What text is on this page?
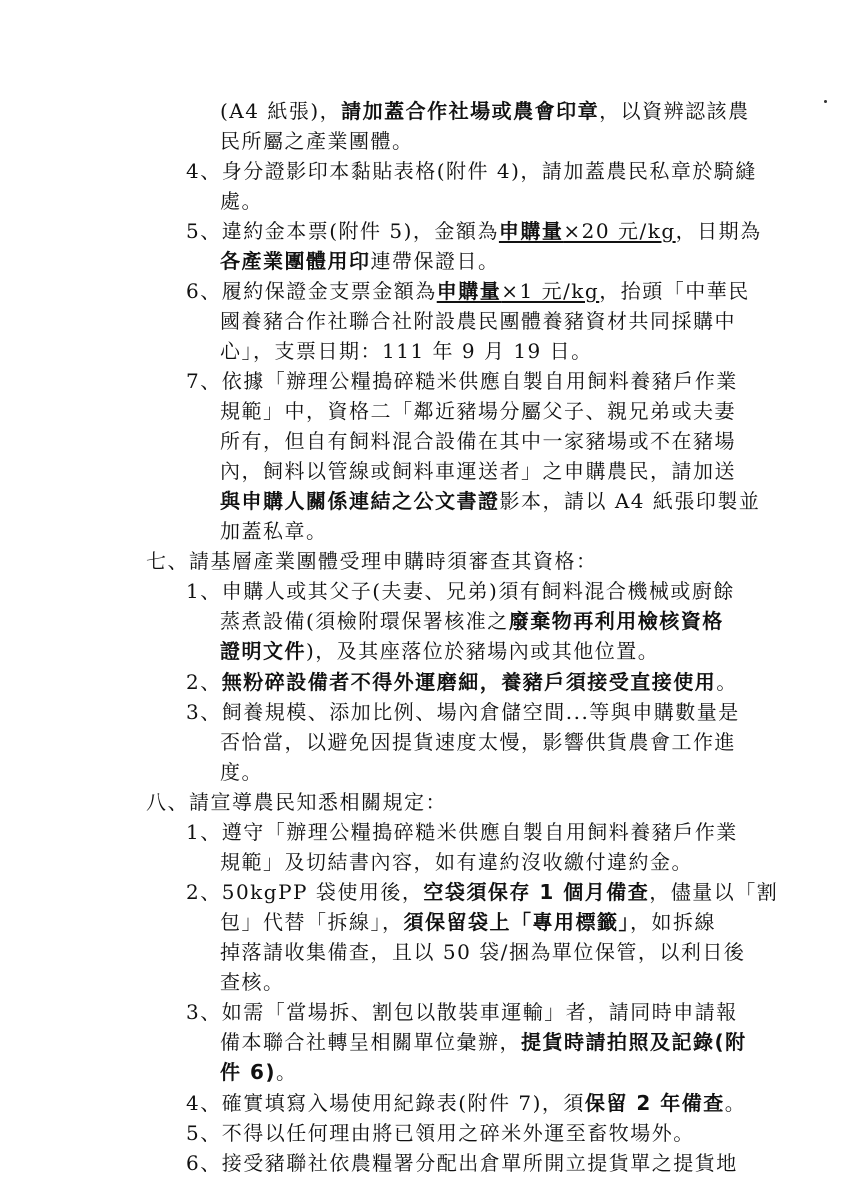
(A4 紙張)，請加蓋合作社場或農會印章，以資辨認該農
民所屬之產業團體。
4、身分證影印本黏貼表格(附件 4)，請加蓋農民私章於騎縫
處。
5、違約金本票(附件 5)，金額為申購量×20 元/kg，日期為
各產業團體用印連帶保證日。
6、履約保證金支票金額為申購量×1 元/kg，抬頭「中華民
國養豬合作社聯合社附設農民團體養豬資材共同採購中
心」，支票日期：111 年 9 月 19 日。
7、依據「辦理公糧搗碎糙米供應自製自用飼料養豬戶作業
規範」中，資格二「鄰近豬場分屬父子、親兄弟或夫妻
所有，但自有飼料混合設備在其中一家豬場或不在豬場
內，飼料以管線或飼料車運送者」之申購農民，請加送
與申購人關係連結之公文書證影本，請以 A4 紙張印製並
加蓋私章。
七、請基層產業團體受理申購時須審查其資格：
1、申購人或其父子(夫妻、兄弟)須有飼料混合機械或廚餘
蒸煮設備(須檢附環保署核准之廢棄物再利用檢核資格
證明文件)，及其座落位於豬場內或其他位置。
2、無粉碎設備者不得外運磨細，養豬戶須接受直接使用。
3、飼養規模、添加比例、場內倉儲空間...等與申購數量是
否恰當，以避免因提貨速度太慢，影響供貨農會工作進
度。
八、請宣導農民知悉相關規定：
1、遵守「辦理公糧搗碎糙米供應自製自用飼料養豬戶作業
規範」及切結書內容，如有違約沒收繳付違約金。
2、50kgPP 袋使用後，空袋須保存 1 個月備查，儘量以「割
包」代替「拆線」，須保留袋上「專用標籤」，如拆線
掉落請收集備查，且以 50 袋/捆為單位保管，以利日後
查核。
3、如需「當場拆、割包以散裝車運輸」者，請同時申請報
備本聯合社轉呈相關單位彙辦，提貨時請拍照及記錄(附
件 6)。
4、確實填寫入場使用紀錄表(附件 7)，須保留 2 年備查。
5、不得以任何理由將已領用之碎米外運至畜牧場外。
6、接受豬聯社依農糧署分配出倉單所開立提貨單之提貨地
